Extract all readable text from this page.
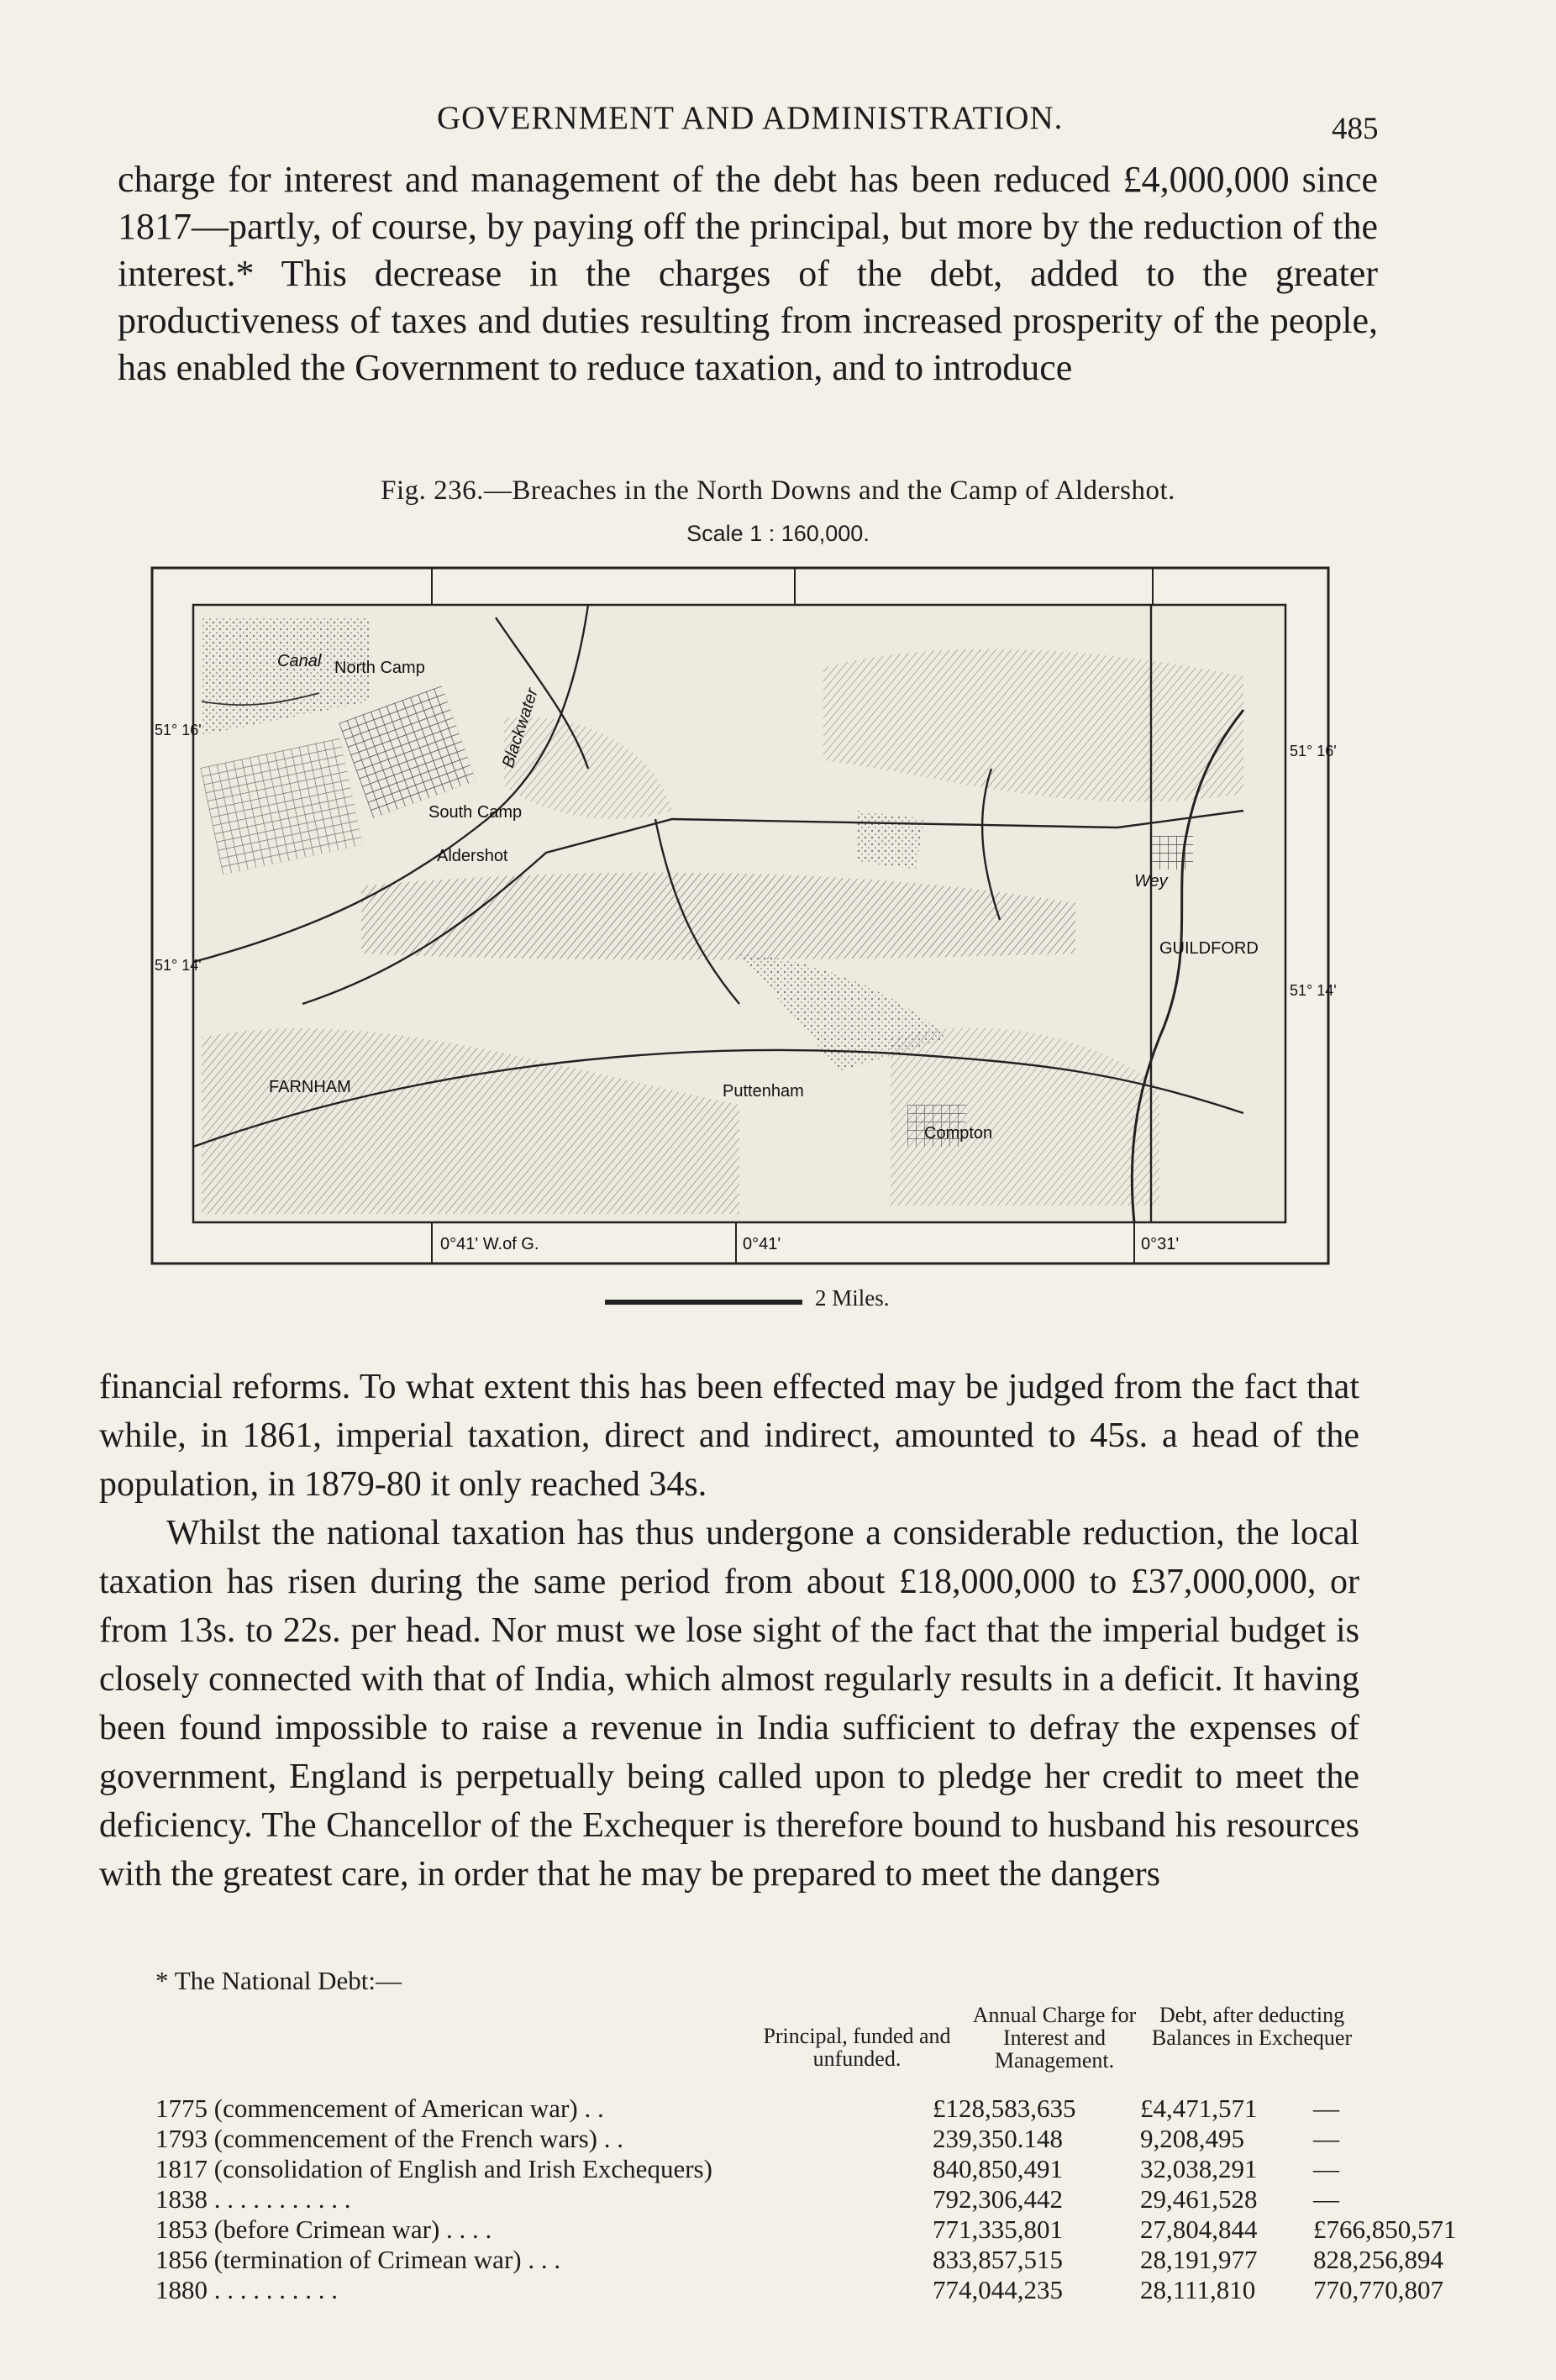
GOVERNMENT AND ADMINISTRATION.	485
charge for interest and management of the debt has been reduced £4,000,000 since 1817—partly, of course, by paying off the principal, but more by the reduction of the interest.* This decrease in the charges of the debt, added to the greater productiveness of taxes and duties resulting from increased prosperity of the people, has enabled the Government to reduce taxation, and to introduce
Fig. 236.—Breaches in the North Downs and the Camp of Aldershot.
Scale 1 : 160,000.
Canal North Camp
South Camp
Aldershot
Blackwater
FARNHAM	Puttenham
Compton
GUILDFORD
Wey
51° 16'
51° 14'
51° 16'
51° 14'
0°41' W.of G.	0°41'	0°31'
2 Miles.

financial reforms. To what extent this has been effected may be judged from the fact that while, in 1861, imperial taxation, direct and indirect, amounted to 45s. a head of the population, in 1879-80 it only reached 34s.

Whilst the national taxation has thus undergone a considerable reduction, the local taxation has risen during the same period from about £18,000,000 to £37,000,000, or from 13s. to 22s. per head. Nor must we lose sight of the fact that the imperial budget is closely connected with that of India, which almost regularly results in a deficit. It having been found impossible to raise a revenue in India sufficient to defray the expenses of government, England is perpetually being called upon to pledge her credit to meet the deficiency. The Chancellor of the Exchequer is therefore bound to husband his resources with the greatest care, in order that he may be prepared to meet the dangers

* The National Debt:—
Principal, funded and unfunded.
Annual Charge for Interest and Management.
Debt, after deducting Balances in Exchequer
1775 (commencement of American war) . .	£128,583,635 £4,471,571 —
1793 (commencement of the French wars) . .	239,350.148	9,208,495	—
1817 (consolidation of English and Irish Exchequers)	840,850,491	32,038,291 —
1838 . . . . . . . . . . .	792,306,442	29,461,528 —
1853 (before Crimean war) . . . .	771,335,801	27,804,844 £766,850,571
1856 (termination of Crimean war) . . .	833,857,515	28,191,977 828,256,894
1880 . . . . . . . . . .	774,044,235	28,111,810 770,770,807
